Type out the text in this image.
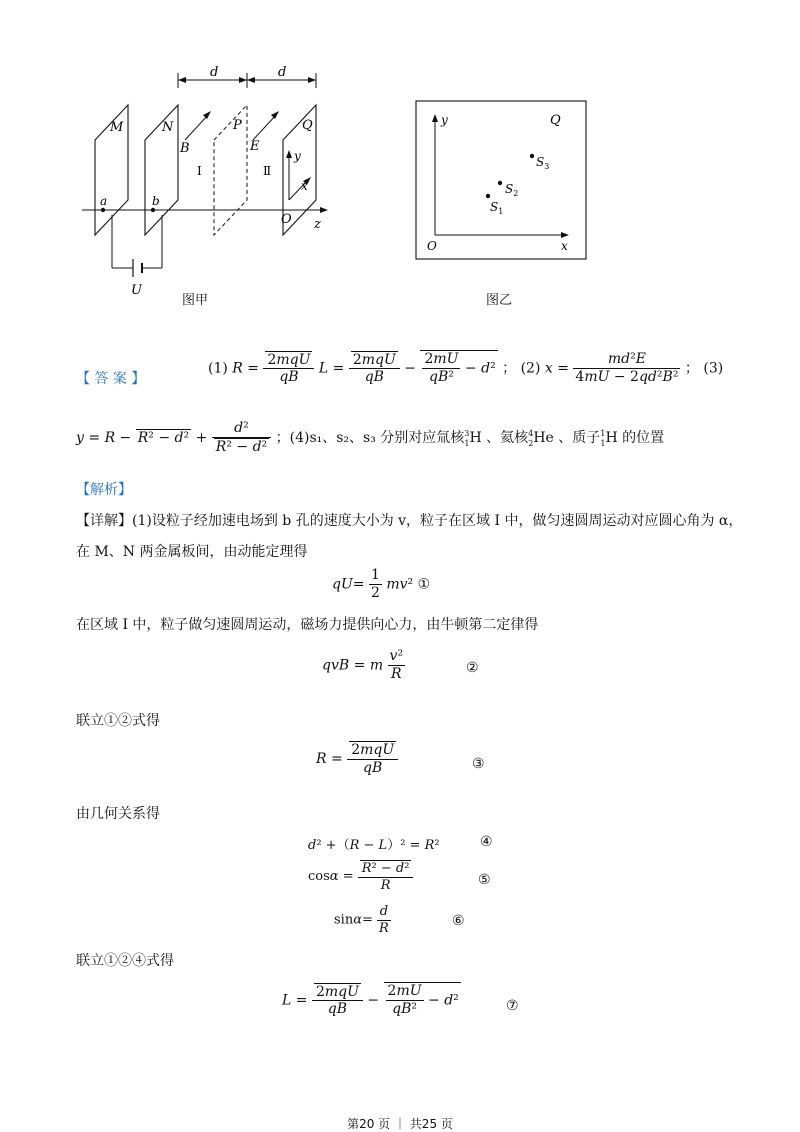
d	d
M	N	P	Q
B	E
Ⅰ	Ⅱ
a	b
O z
x
y
U
图甲
y
x
O
Q
$S_1$
$S_2$
$S_3$
图乙
【 答 案 】
(1) $R = \frac{\text{2mqU}}{qB}$ $L = \frac{\text{2mqU}}{qB} - \frac{2mU}{\text{qB²}} - d^2$ ； (2) $x = \frac{\text{md²E}}{\text{4mU − 2qd²B²}}$ ； (3)
$y = R - R^2 - d^2 + \frac{\text{d²}}{\text{R² − d²}}$ ；(4)s₁、s₂、s₃ 分别对应氚核$^3_1$H 、氦核$^4_2$He 、质子$^1_1$H 的位置
【解析】
【详解】(1)设粒子经加速电场到 b 孔的速度大小为 v，粒子在区域 I 中，做匀速圆周运动对应圆心角为 α，
在 M、N 两金属板间，由动能定理得
$qU= \frac{1}{2} mv^2$ ①
在区域 I 中，粒子做匀速圆周运动，磁场力提供向心力，由牛顿第二定律得
qvB = m $\frac{\text{v²}}{R}$	②
联立①②式得
$R = \frac{\text{2mqU}}{qB}$	③
由几何关系得
d² +（R − L）² = R²	④
$\cos\alpha = \frac{\text{R² − d²}}{R}$	⑤
$\sin\alpha= \frac{d}{R}$	⑥
联立①②④式得
$L = \frac{\text{2mqU}}{qB} - \frac{2mU}{\text{qB²}} - d^2$	⑦
第20 页 ｜ 共25 页
